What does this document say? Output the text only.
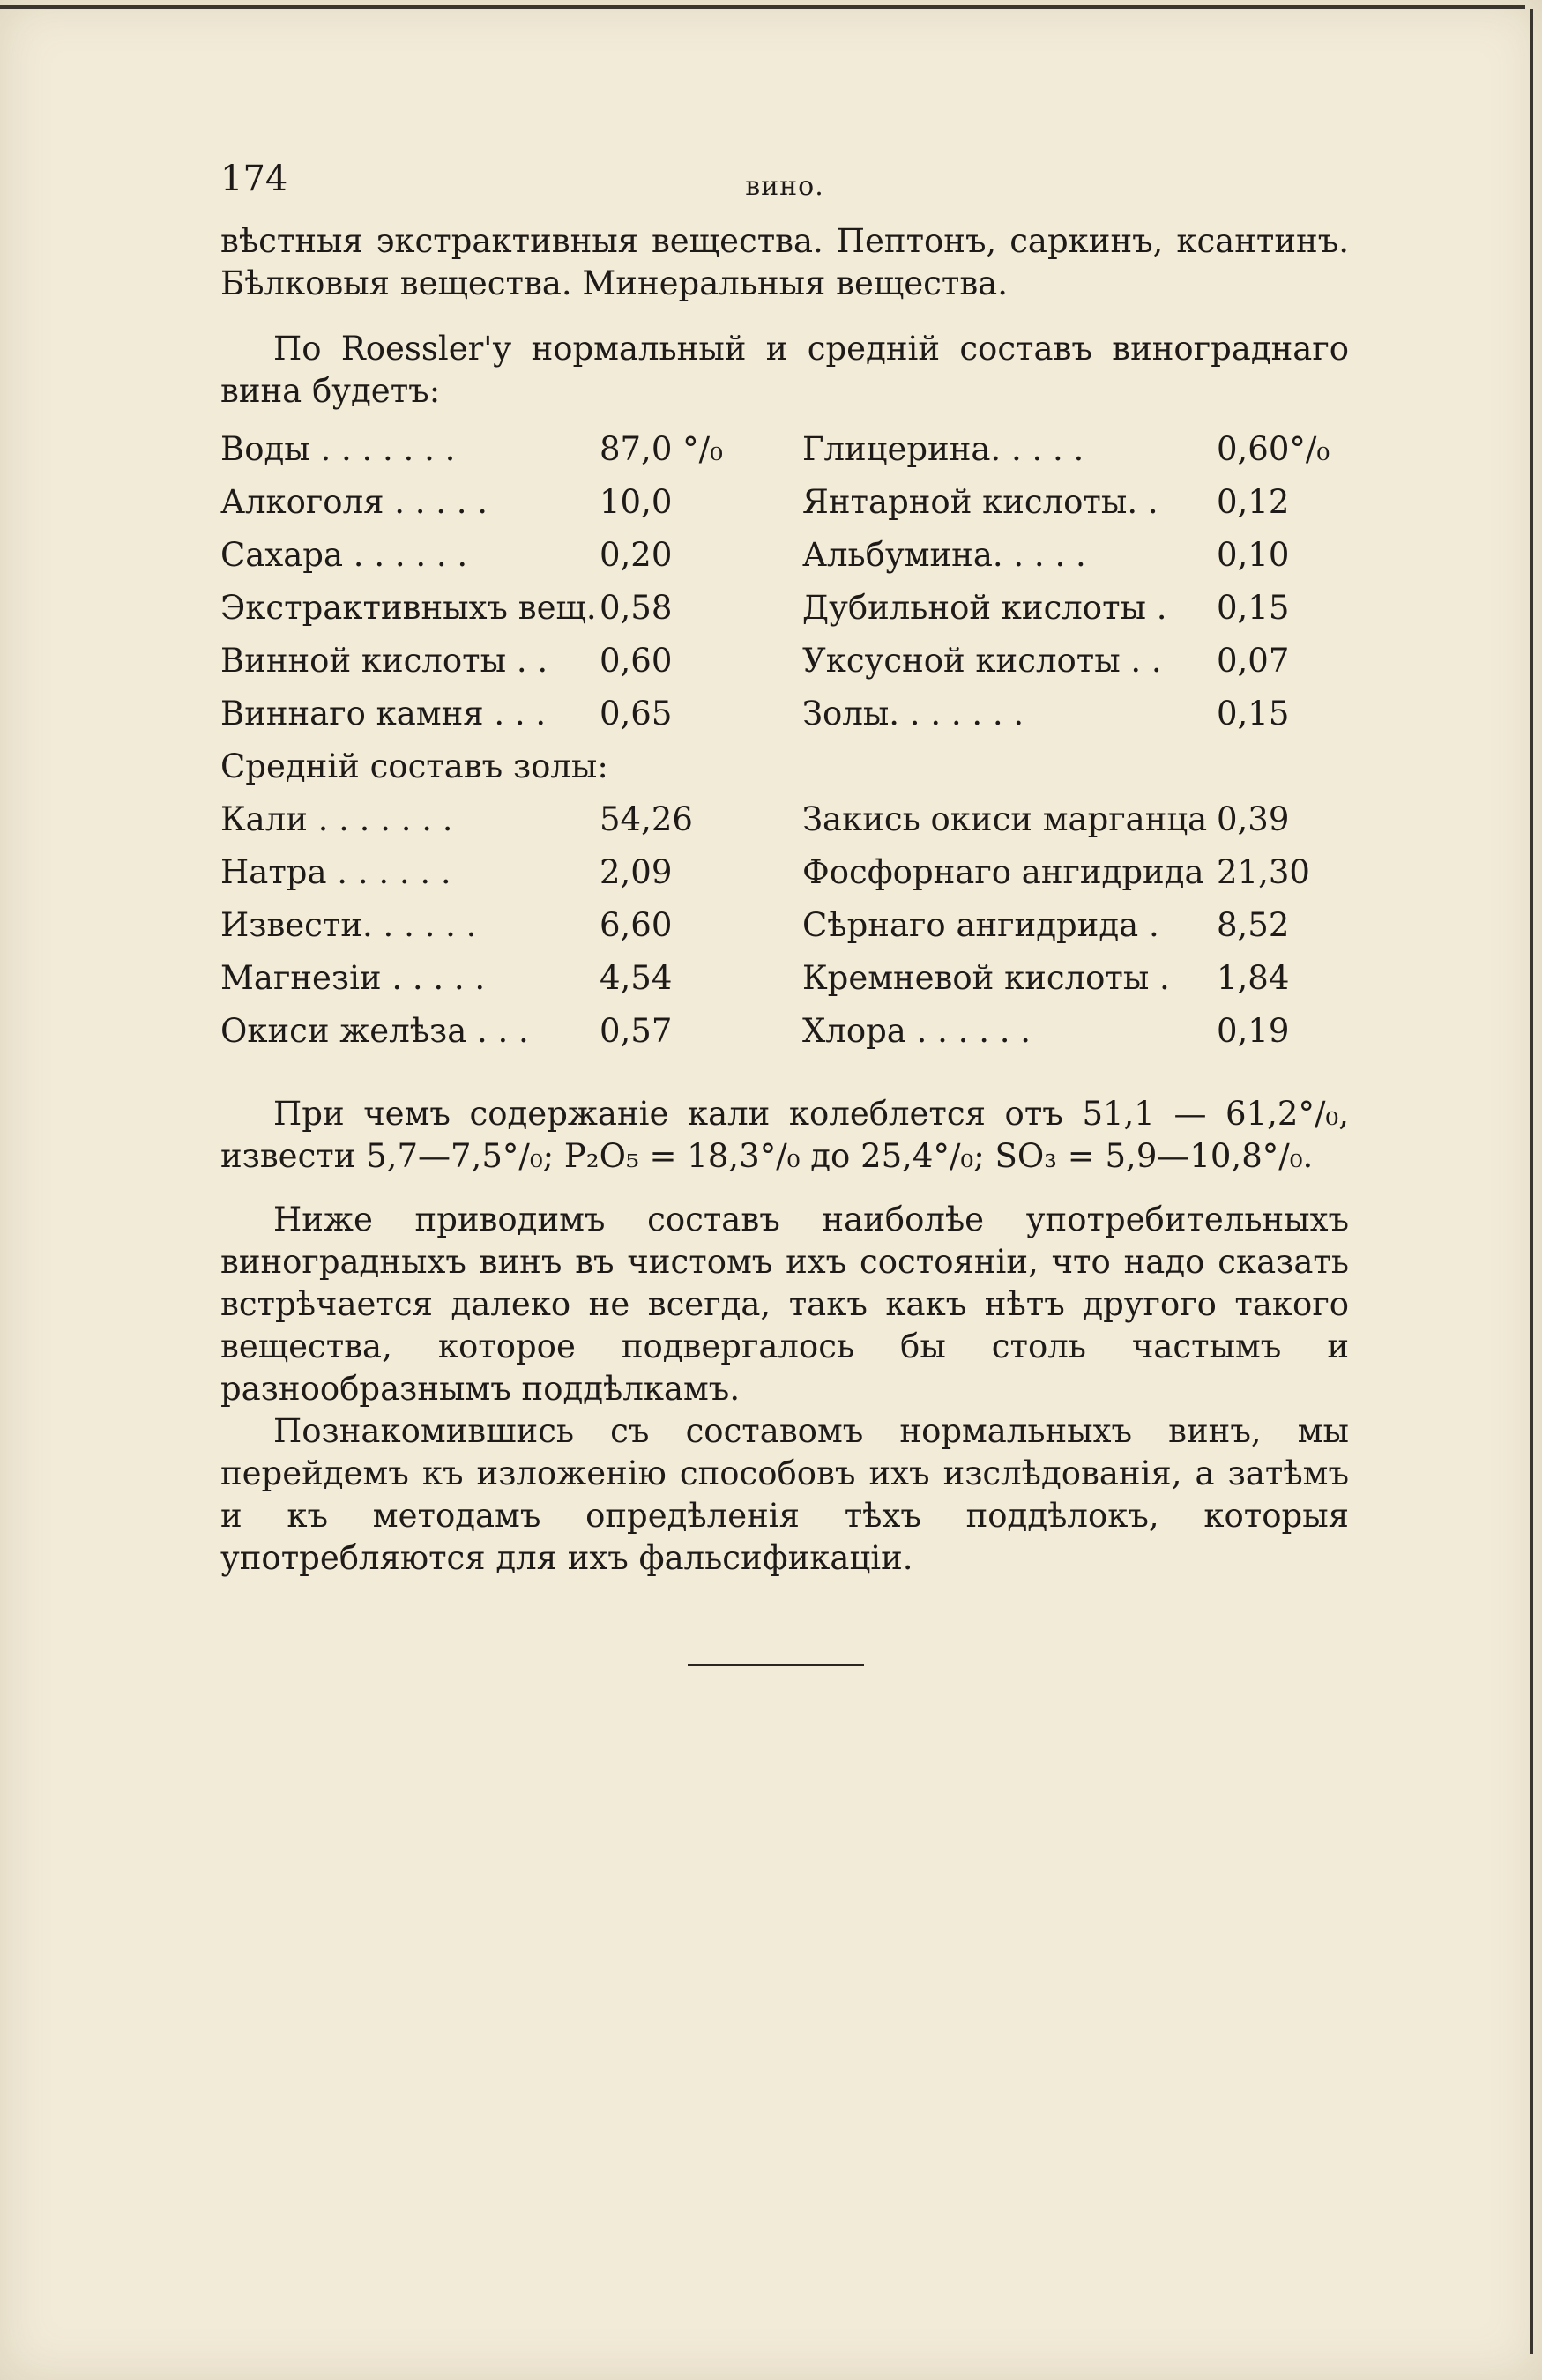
174	вино.
вѣстныя экстрактивныя вещества. Пептонъ, саркинъ, ксантинъ. Бѣлковыя вещества. Минеральныя вещества.
По Roessler'у нормальный и среднiй составъ винограднаго вина будетъ:
Воды . . . . . . .	87,0 °/₀	Глицерина. . . . .	0,60°/₀
Алкоголя . . . . .	10,0	Янтарной кислоты. . 0,12
Сахара . . . . . .	0,20	Альбумина. . . . .	0,10
Экстрактивныхъ вещ. 0,58	Дубильной кислоты . 0,15
Винной кислоты . . 0,60	Уксусной кислоты . . 0,07
Виннаго камня . . . 0,65	Золы. . . . . . .	0,15
Среднiй составъ золы:
Кали . . . . . . .	54,26	Закись окиси марганца 0,39
Натра . . . . . .	2,09	Фосфорнаго ангидрида 21,30
Извести. . . . . .	6,60	Сѣрнаго ангидрида . 8,52
Магнезiи . . . . .	4,54	Кремневой кислоты . 1,84
Окиси желѣза . . . 0,57	Хлора . . . . . .	0,19
При чемъ содержанiе кали колеблется отъ 51,1 — 61,2°/₀, извести 5,7—7,5°/₀; P₂O₅ = 18,3°/₀ до 25,4°/₀; SO₃ = 5,9—10,8°/₀.
Ниже приводимъ составъ наиболѣе употребительныхъ виноградныхъ винъ въ чистомъ ихъ состоянiи, что надо сказать встрѣчается далеко не всегда, такъ какъ нѣтъ другого такого вещества, которое подвергалось бы столь частымъ и разнообразнымъ поддѣлкамъ.
Познакомившись съ составомъ нормальныхъ винъ, мы перейдемъ къ изложенiю способовъ ихъ изслѣдованiя, а затѣмъ и къ методамъ опредѣленiя тѣхъ поддѣлокъ, которыя употребляются для ихъ фальсификацiи.
